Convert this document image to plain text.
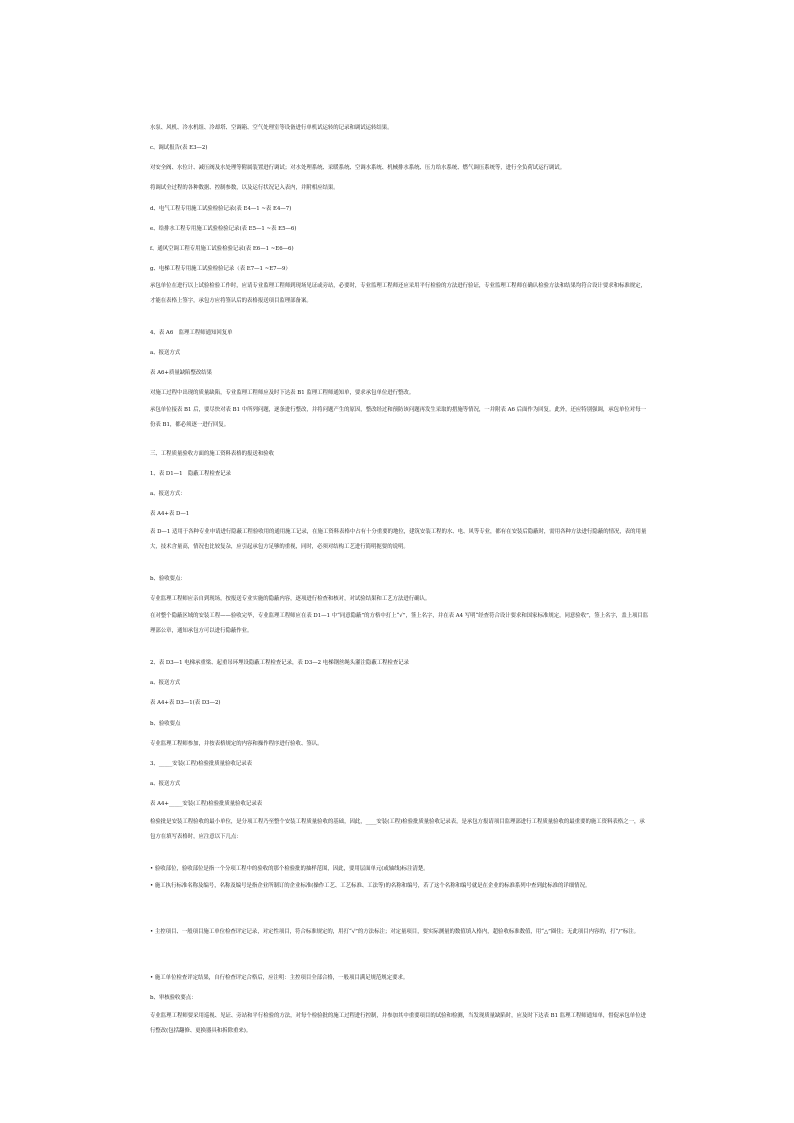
水泵、风机、冷水机组、冷却塔、空调箱、空气处理室等设备进行单机试运转的记录和调试运转结果。
c、调试报告(表 E3—2)
对安全阀、水位计、减压阀及水处理等附属装置进行调试；对水处理系统、采暖系统、空调水系统、机械排水系统、压力给水系统、燃气调压系统等，进行全负荷试运行调试。
将调试全过程的各种数据、控制参数，以及运行状况记入表内，并附相应结果。
d、电气工程专用施工试验检验记录(表 E4—1 ~表 E4—7)
e、给排水工程专用施工试验检验记录(表 E5—1 ~表 E5—6)
f、通风空调工程专用施工试验检验记录(表 E6—1 ~E6—6)
g、电梯工程专用施工试验检验记录（表 E7—1 ~E7—9）
承包单位在进行以上试验检验工作时，应请专业监理工程师到现场见证或旁站，必要时，专业监理工程师还应采用平行检验的方法进行验证，专业监理工程师在确认检验方法和结果均符合设计要求和标准规定，才能在表格上签字，承包方应将签认后的表格报送项目监理部备案。
4、表 A6　监理工程师通知回复单
a、报送方式
表 A6+质量缺陷整改结果
对施工过程中出现的质量缺陷，专业监理工程师应及时下达表 B1 监理工程师通知单，要求承包单位进行整改。
承包单位接表 B1 后，要尽快对表 B1 中所列问题，逐条进行整改，并将问题产生的原因，整改经过和预防该问题再发生采取的措施等情况，一并附表 A6 后面作为回复。此外，还应特别强调，承包单位对每一份表 B1，都必须逐一进行回复。
三、工程质量验收方面的施工资料表格的报送和验收
1、表 D1—1　隐蔽工程检查记录
a、报送方式：
表 A4+表 D—1
表 D—1 适用于各种专业申请进行隐蔽工程验收用的通用施工记录，在施工资料表格中占有十分重要的地位，建筑安装工程的水、电、风等专业，都有在安装后隐蔽时，需用各种方法进行隐蔽的情况，表的用量大，技术含量高，情况也比较复杂，应引起承包方足够的重视，同时，必须对结构工艺进行简明扼要的说明。
b、验收要点：
专业监理工程师应亲自到现场，按报送专业实施的隐蔽内容，逐项进行检查和核对，对试验结果和工艺方法进行确认。
在对整个隐蔽区域的安装工程——验收完毕，专业监理工程师应在表 D1—1 中“同意隐蔽”的方格中打上“√”，签上名字，并在表 A4 写明“经查符合设计要求和国家标准规定，同意验收”，签上名字，盖上项目监理部公章，通知承包方可以进行隐蔽作业。
2、表 D3—1 电梯承重梁、起重吊环埋设隐蔽工程检查记录，表 D3—2 电梯钢丝绳头灌注隐蔽工程检查记录
a、报送方式
表 A4+表 D3—1(表 D3—2)
b、验收要点
专业监理工程师参加，并按表格规定的内容和操作程序进行验收、签认。
3、_____安装(工程)检验批质量验收记录表
a、报送方式
表 A4+_____安装(工程)检验批质量验收记录表
检验批是安装工程验收的最小单位，是分项工程乃至整个安装工程质量验收的基础，因此，____安装(工程)检验批质量验收记录表，是承包方报请项目监理部进行工程质量验收的最重要的施工资料表格之一，承包方在填写表格时，应注意以下几点：
• 验收部位，验收部位是指一个分项工程中的验收的那个检验批的抽样范围，因此，要用层面单元(或轴线)标注清楚。
• 施工执行标准名称及编号，名称及编号是指企业所制订的企业标准(操作工艺、工艺标准、工法等)的名称和编号，若了这个名称和编号就是在企业的标准系列中查到此标准的详细情况。
• 主控项目、一般项目施工单位检查评定记录，对定性项目，符合标准规定的，用打“√”的方法标注；对定量项目，要实际测量的数值填入格内，超验收标准数值，用“△”圈住；无此项目内容的，打“/”标注。
• 施工单位检查评定结果，自行检查评定合格后，应注明：主控项目全部合格，一般项目满足规范规定要求。
b、审核验收要点：
专业监理工程师要采用巡视、见证、旁站和平行检验的方法，对每个检验批的施工过程进行控制，并参加其中重要项目的试验和检测，当发现质量缺陷时，应及时下达表 B1 监理工程师通知单，督促承包单位进行整改(包括翻修、更换器具和拆除重来)。
